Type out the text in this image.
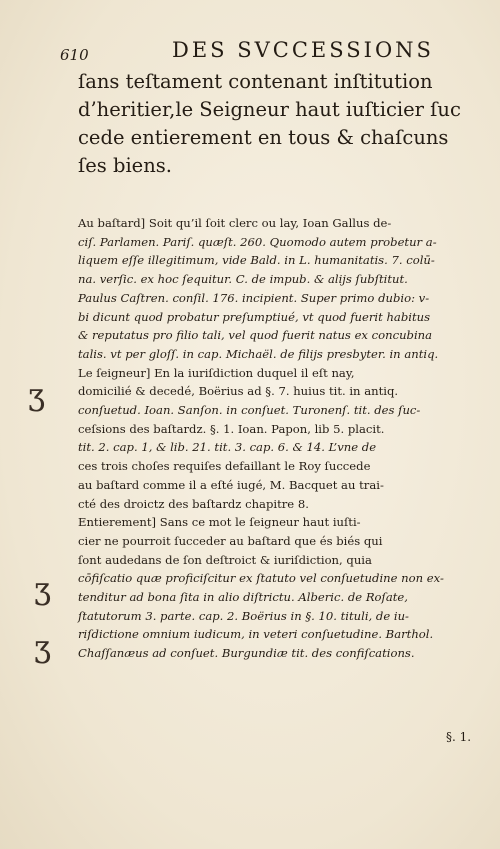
610	DES SVCCESSIONS
ſans teſtament contenant inſtitution
d’heritier,le Seigneur haut iuſticier ſuc
cede entierement en tous & chaſcuns
ſes biens.
Au baſtard] Soit qu’il ſoit clerc ou lay, Ioan Gallus de-
ciſ. Parlamen. Pariſ. quæſt. 260. Quomodo autem probetur a-
liquem eſſe illegitimum, vide Bald. in L. humanitatis. 7. colū-
na. verſic. ex hoc ſequitur. C. de impub. & alijs ſubſtitut.
Paulus Caſtren. conſil. 176. incipient. Super primo dubio: v-
bi dicunt quod probatur preſumptiué, vt quod fuerit habitus
& reputatus pro filio tali, vel quod fuerit natus ex concubina
talis. vt per gloſſ. in cap. Michaël. de filijs presbyter. in antiq.
Le ſeigneur] En la iuriſdiction duquel il eſt nay,
domicilié & decedé, Boërius ad §. 7. huius tit. in antiq.
conſuetud. Ioan. Sanſon. in conſuet. Turonenſ. tit. des ſuc-
ceſsions des baſtardz. §. 1. Ioan. Papon, lib 5. placit.
tit. 2. cap. 1, & lib. 21. tit. 3. cap. 6. & 14. L’vne de
ces trois choſes requiſes defaillant le Roy ſuccede
au baſtard comme il a eſté iugé, M. Bacquet au trai-
cté des droictz des baſtardz chapitre 8.
Entierement] Sans ce mot le ſeigneur haut iuſti-
cier ne pourroit ſucceder au baſtard que és biés qui
ſont audedans de ſon deſtroict & iuriſdiction, quia
cōfiſcatio quæ proficiſcitur ex ſtatuto vel conſuetudine non ex-
tenditur ad bona ſita in alio diſtrictu. Alberic. de Roſate,
ſtatutorum 3. parte. cap. 2. Boërius in §. 10. tituli, de iu-
riſdictione omnium iudicum, in veteri conſuetudine. Barthol.
Chaſſanæus ad conſuet. Burgundiæ tit. des confiſcations.
Ʒ
Ʒ
Ʒ
§. 1.
